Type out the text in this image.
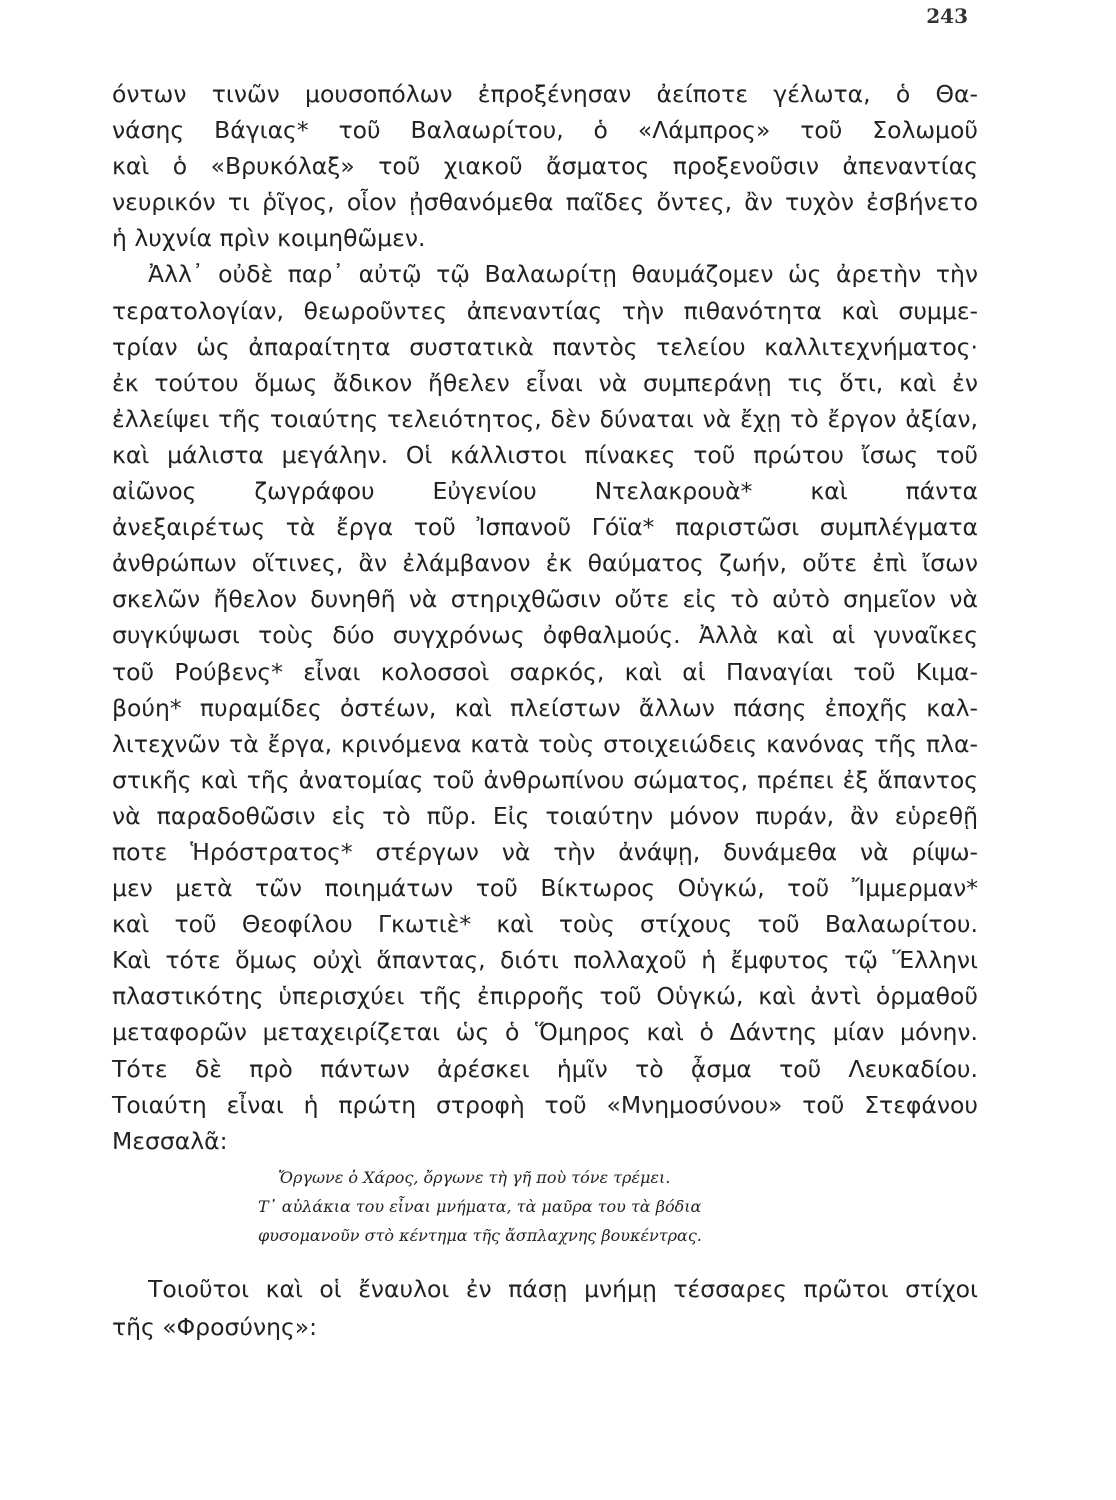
243
όντων τινῶν μουσοπόλων ἐπροξένησαν ἀείποτε γέλωτα, ὁ Θα-
νάσης Βάγιας* τοῦ Βαλαωρίτου, ὁ «Λάμπρος» τοῦ Σολωμοῦ
καὶ ὁ «Βρυκόλαξ» τοῦ χιακοῦ ἄσματος προξενοῦσιν ἀπεναντίας
νευρικόν τι ῥῖγος, οἷον ᾐσθανόμεθα παῖδες ὄντες, ἂν τυχὸν ἐσβήνετο
ἡ λυχνία πρὶν κοιμηθῶμεν.
Ἀλλ᾽ οὐδὲ παρ᾽ αὐτῷ τῷ Βαλαωρίτῃ θαυμάζομεν ὡς ἀρετὴν τὴν
τερατολογίαν, θεωροῦντες ἀπεναντίας τὴν πιθανότητα καὶ συμμε-
τρίαν ὡς ἀπαραίτητα συστατικὰ παντὸς τελείου καλλιτεχνήματος·
ἐκ τούτου ὅμως ἄδικον ἤθελεν εἶναι νὰ συμπεράνῃ τις ὅτι, καὶ ἐν
ἐλλείψει τῆς τοιαύτης τελειότητος, δὲν δύναται νὰ ἔχῃ τὸ ἔργον ἀξίαν,
καὶ μάλιστα μεγάλην. Οἱ κάλλιστοι πίνακες τοῦ πρώτου ἴσως τοῦ
αἰῶνος ζωγράφου Εὐγενίου Ντελακρουὰ* καὶ πάντα
ἀνεξαιρέτως τὰ ἔργα τοῦ Ἰσπανοῦ Γόϊα* παριστῶσι συμπλέγματα
ἀνθρώπων οἵτινες, ἂν ἐλάμβανον ἐκ θαύματος ζωήν, οὔτε ἐπὶ ἴσων
σκελῶν ἤθελον δυνηθῆ νὰ στηριχθῶσιν οὔτε εἰς τὸ αὐτὸ σημεῖον νὰ
συγκύψωσι τοὺς δύο συγχρόνως ὀφθαλμούς. Ἀλλὰ καὶ αἱ γυναῖκες
τοῦ Ρούβενς* εἶναι κολοσσοὶ σαρκός, καὶ αἱ Παναγίαι τοῦ Κιμα-
βούη* πυραμίδες ὀστέων, καὶ πλείστων ἄλλων πάσης ἐποχῆς καλ-
λιτεχνῶν τὰ ἔργα, κρινόμενα κατὰ τοὺς στοιχειώδεις κανόνας τῆς πλα-
στικῆς καὶ τῆς ἀνατομίας τοῦ ἀνθρωπίνου σώματος, πρέπει ἐξ ἅπαντος
νὰ παραδοθῶσιν εἰς τὸ πῦρ. Εἰς τοιαύτην μόνον πυράν, ἂν εὑρεθῇ
ποτε Ἡρόστρατος* στέργων νὰ τὴν ἀνάψῃ, δυνάμεθα νὰ ρίψω-
μεν μετὰ τῶν ποιημάτων τοῦ Βίκτωρος Οὑγκώ, τοῦ Ἴμμερμαν*
καὶ τοῦ Θεοφίλου Γκωτιὲ* καὶ τοὺς στίχους τοῦ Βαλαωρίτου.
Καὶ τότε ὅμως οὐχὶ ἅπαντας, διότι πολλαχοῦ ἡ ἔμφυτος τῷ Ἕλληνι
πλαστικότης ὑπερισχύει τῆς ἐπιρροῆς τοῦ Οὑγκώ, καὶ ἀντὶ ὁρμαθοῦ
μεταφορῶν μεταχειρίζεται ὡς ὁ Ὅμηρος καὶ ὁ Δάντης μίαν μόνην.
Τότε δὲ πρὸ πάντων ἀρέσκει ἡμῖν τὸ ᾆσμα τοῦ Λευκαδίου.
Τοιαύτη εἶναι ἡ πρώτη στροφὴ τοῦ «Μνημοσύνου» τοῦ Στεφάνου
Μεσσαλᾶ:
Ὄργωνε ὁ Χάρος, ὄργωνε τὴ γῆ ποὺ τόνε τρέμει.
Τ᾽ αὐλάκια του εἶναι μνήματα, τὰ μαῦρα του τὰ βόδια
φυσομανοῦν στὸ κέντημα τῆς ἄσπλαχνης βουκέντρας.
Τοιοῦτοι καὶ οἱ ἔναυλοι ἐν πάσῃ μνήμῃ τέσσαρες πρῶτοι στίχοι
τῆς «Φροσύνης»:
